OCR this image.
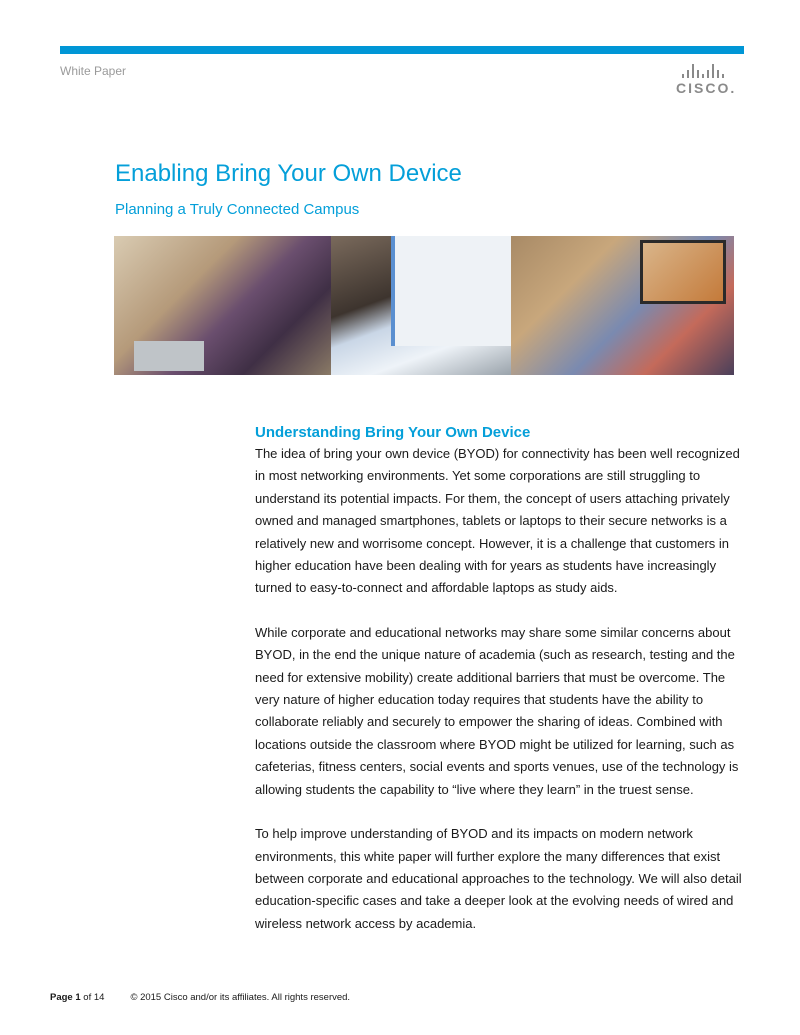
White Paper
CISCO.
Enabling Bring Your Own Device
Planning a Truly Connected Campus
Understanding Bring Your Own Device

The idea of bring your own device (BYOD) for connectivity has been well recognized in most networking environments. Yet some corporations are still struggling to understand its potential impacts. For them, the concept of users attaching privately owned and managed smartphones, tablets or laptops to their secure networks is a relatively new and worrisome concept. However, it is a challenge that customers in higher education have been dealing with for years as students have increasingly turned to easy-to-connect and affordable laptops as study aids.

While corporate and educational networks may share some similar concerns about BYOD, in the end the unique nature of academia (such as research, testing and the need for extensive mobility) create additional barriers that must be overcome. The very nature of higher education today requires that students have the ability to collaborate reliably and securely to empower the sharing of ideas. Combined with locations outside the classroom where BYOD might be utilized for learning, such as cafeterias, fitness centers, social events and sports venues, use of the technology is allowing students the capability to “live where they learn” in the truest sense.

To help improve understanding of BYOD and its impacts on modern network environments, this white paper will further explore the many differences that exist between corporate and educational approaches to the technology. We will also detail education-specific cases and take a deeper look at the evolving needs of wired and wireless network access by academia.

Page 1 of 14	© 2015 Cisco and/or its affiliates. All rights reserved.
